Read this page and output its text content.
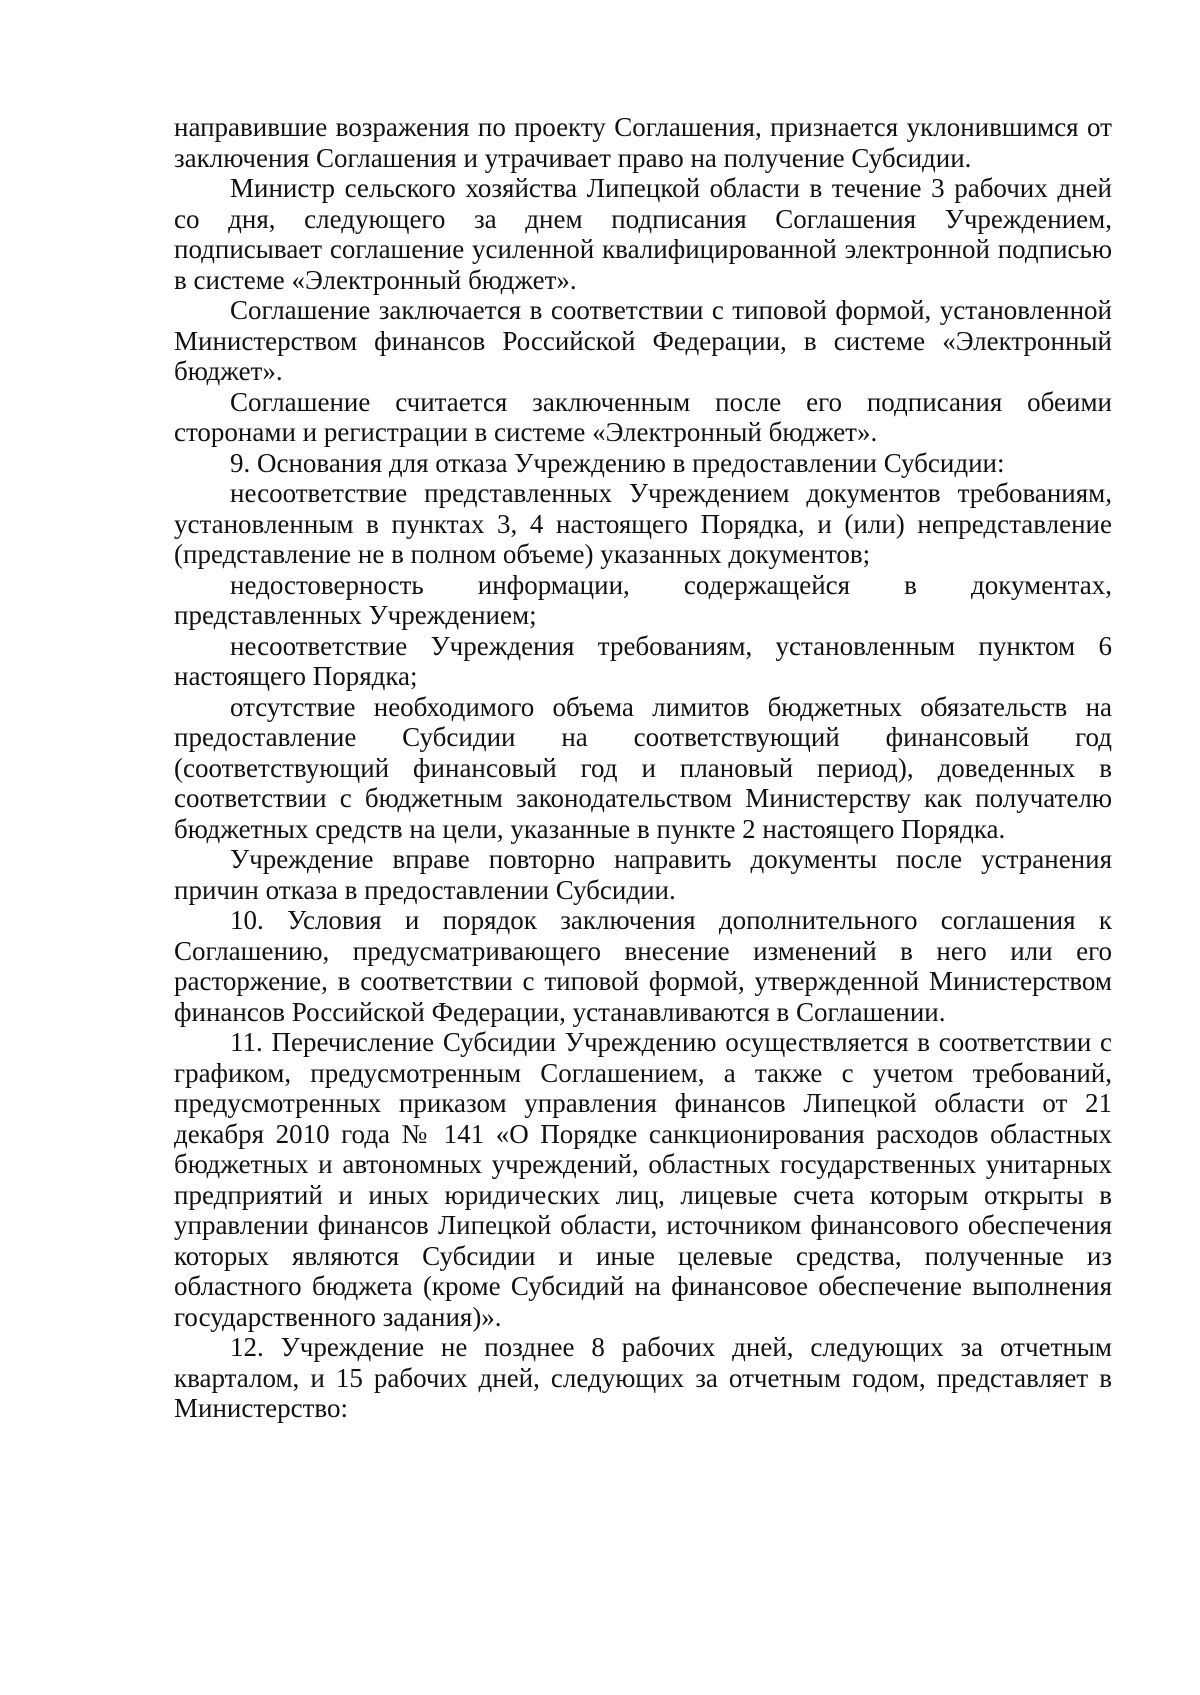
направившие возражения по проекту Соглашения, признается уклонившимся от заключения Соглашения и утрачивает право на получение Субсидии.

Министр сельского хозяйства Липецкой области в течение 3 рабочих дней со дня, следующего за днем подписания Соглашения Учреждением, подписывает соглашение усиленной квалифицированной электронной подписью в системе «Электронный бюджет».

Соглашение заключается в соответствии с типовой формой, установленной Министерством финансов Российской Федерации, в системе «Электронный бюджет».

Соглашение считается заключенным после его подписания обеими сторонами и регистрации в системе «Электронный бюджет».

9. Основания для отказа Учреждению в предоставлении Субсидии:

несоответствие представленных Учреждением документов требованиям, установленным в пунктах 3, 4 настоящего Порядка, и (или) непредставление (представление не в полном объеме) указанных документов;

недостоверность информации, содержащейся в документах, представленных Учреждением;

несоответствие Учреждения требованиям, установленным пунктом 6 настоящего Порядка;

отсутствие необходимого объема лимитов бюджетных обязательств на предоставление Субсидии на соответствующий финансовый год (соответствующий финансовый год и плановый период), доведенных в соответствии с бюджетным законодательством Министерству как получателю бюджетных средств на цели, указанные в пункте 2 настоящего Порядка.

Учреждение вправе повторно направить документы после устранения причин отказа в предоставлении Субсидии.

10. Условия и порядок заключения дополнительного соглашения к Соглашению, предусматривающего внесение изменений в него или его расторжение, в соответствии с типовой формой, утвержденной Министерством финансов Российской Федерации, устанавливаются в Соглашении.

11. Перечисление Субсидии Учреждению осуществляется в соответствии с графиком, предусмотренным Соглашением, а также с учетом требований, предусмотренных приказом управления финансов Липецкой области от 21 декабря 2010 года № 141 «О Порядке санкционирования расходов областных бюджетных и автономных учреждений, областных государственных унитарных предприятий и иных юридических лиц, лицевые счета которым открыты в управлении финансов Липецкой области, источником финансового обеспечения которых являются Субсидии и иные целевые средства, полученные из областного бюджета (кроме Субсидий на финансовое обеспечение выполнения государственного задания)».

12. Учреждение не позднее 8 рабочих дней, следующих за отчетным кварталом, и 15 рабочих дней, следующих за отчетным годом, представляет в Министерство:
